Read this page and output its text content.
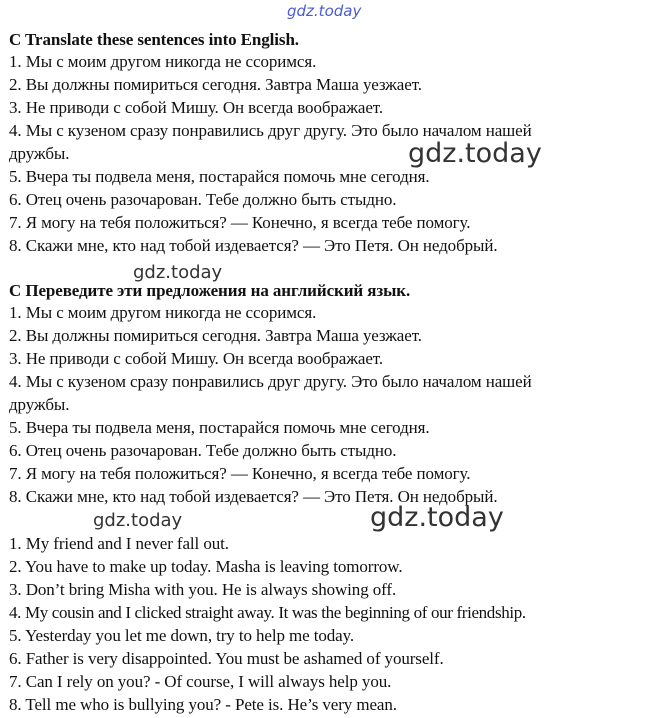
gdz.today
gdz.today
gdz.today
gdz.today	gdz.today
C Translate these sentences into English.
1. Мы с моим другом никогда не ссоримся.
2. Вы должны помириться сегодня. Завтра Маша уезжает.
3. Не приводи с собой Мишу. Он всегда воображает.
4. Мы с кузеном сразу понравились друг другу. Это было началом нашей
дружбы.
5. Вчера ты подвела меня, постарайся помочь мне сегодня.
6. Отец очень разочарован. Тебе должно быть стыдно.
7. Я могу на тебя положиться? — Конечно, я всегда тебе помогу.
8. Скажи мне, кто над тобой издевается? — Это Петя. Он недобрый.
С Переведите эти предложения на английский язык.
1. Мы с моим другом никогда не ссоримся.
2. Вы должны помириться сегодня. Завтра Маша уезжает.
3. Не приводи с собой Мишу. Он всегда воображает.
4. Мы с кузеном сразу понравились друг другу. Это было началом нашей
дружбы.
5. Вчера ты подвела меня, постарайся помочь мне сегодня.
6. Отец очень разочарован. Тебе должно быть стыдно.
7. Я могу на тебя положиться? — Конечно, я всегда тебе помогу.
8. Скажи мне, кто над тобой издевается? — Это Петя. Он недобрый.
1. My friend and I never fall out.
2. You have to make up today. Masha is leaving tomorrow.
3. Don’t bring Misha with you. He is always showing off.
4. My cousin and I clicked straight away. It was the beginning of our friendship.
5. Yesterday you let me down, try to help me today.
6. Father is very disappointed. You must be ashamed of yourself.
7. Can I rely on you? - Of course, I will always help you.
8. Tell me who is bullying you? - Pete is. He’s very mean.
